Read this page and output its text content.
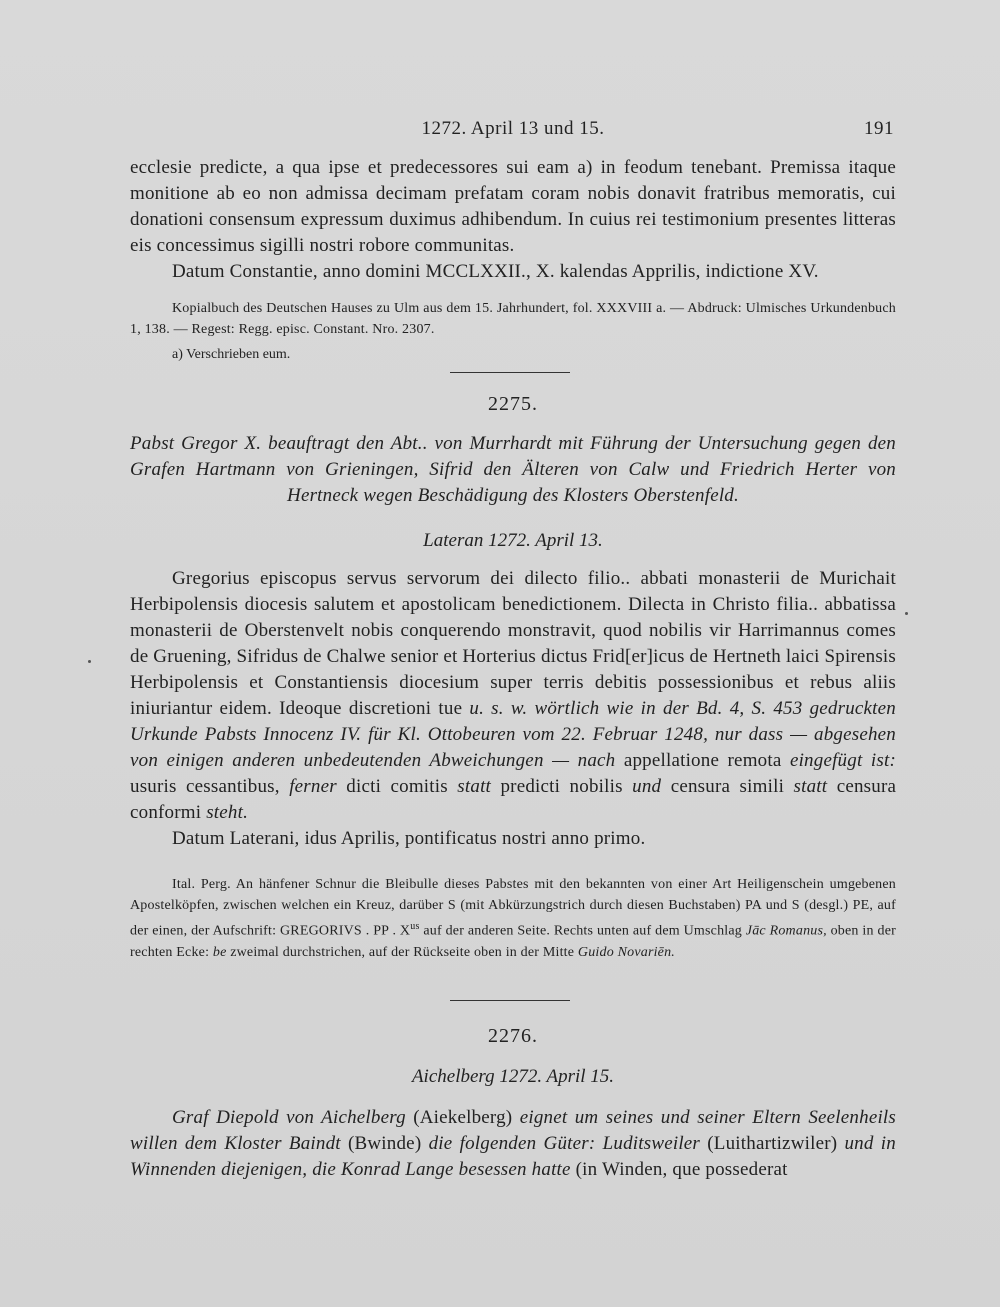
1272. April 13 und 15.	191

ecclesie predicte, a qua ipse et predecessores sui eam a) in feodum tenebant. Premissa itaque monitione ab eo non admissa decimam prefatam coram nobis donavit fratribus memoratis, cui donationi consensum expressum duximus adhibendum. In cuius rei testimonium presentes litteras eis concessimus sigilli nostri robore communitas.

Datum Constantie, anno domini MCCLXXII., X. kalendas Apprilis, indictione XV.

Kopialbuch des Deutschen Hauses zu Ulm aus dem 15. Jahrhundert, fol. XXXVIII a. — Abdruck: Ulmisches Urkundenbuch 1, 138. — Regest: Regg. episc. Constant. Nro. 2307.

a) Verschrieben eum.
2275.

Pabst Gregor X. beauftragt den Abt.. von Murrhardt mit Führung der Untersuchung gegen den Grafen Hartmann von Grieningen, Sifrid den Älteren von Calw und Friedrich Herter von Hertneck wegen Beschädigung des Klosters Oberstenfeld.

Lateran 1272. April 13.

Gregorius episcopus servus servorum dei dilecto filio.. abbati monasterii de Murichait Herbipolensis diocesis salutem et apostolicam benedictionem. Dilecta in Christo filia.. abbatissa monasterii de Oberstenvelt nobis conquerendo monstravit, quod nobilis vir Harrimannus comes de Gruening, Sifridus de Chalwe senior et Horterius dictus Frid[er]icus de Hertneth laici Spirensis Herbipolensis et Constantiensis diocesium super terris debitis possessionibus et rebus aliis iniuriantur eidem. Ideoque discretioni tue u. s. w. wörtlich wie in der Bd. 4, S. 453 gedruckten Urkunde Pabsts Innocenz IV. für Kl. Ottobeuren vom 22. Februar 1248, nur dass — abgesehen von einigen anderen unbedeutenden Abweichungen — nach appellatione remota eingefügt ist: usuris cessantibus, ferner dicti comitis statt predicti nobilis und censura simili statt censura conformi steht.

Datum Laterani, idus Aprilis, pontificatus nostri anno primo.

Ital. Perg. An hänfener Schnur die Bleibulle dieses Pabstes mit den bekannten von einer Art Heiligenschein umgebenen Apostelköpfen, zwischen welchen ein Kreuz, darüber S (mit Abkürzungstrich durch diesen Buchstaben) PA und S (desgl.) PE, auf der einen, der Aufschrift: GREGORIVS . PP . $X^{us}$ auf der anderen Seite. Rechts unten auf dem Umschlag Jāc Romanus, oben in der rechten Ecke: be zweimal durchstrichen, auf der Rückseite oben in der Mitte Guido Novariēn.

2276.
Aichelberg 1272. April 15.

Graf Diepold von Aichelberg (Aiekelberg) eignet um seines und seiner Eltern Seelenheils willen dem Kloster Baindt (Bwinde) die folgenden Güter: Luditsweiler (Luithartizwiler) und in Winnenden diejenigen, die Konrad Lange besessen hatte (in Winden, que possederat
